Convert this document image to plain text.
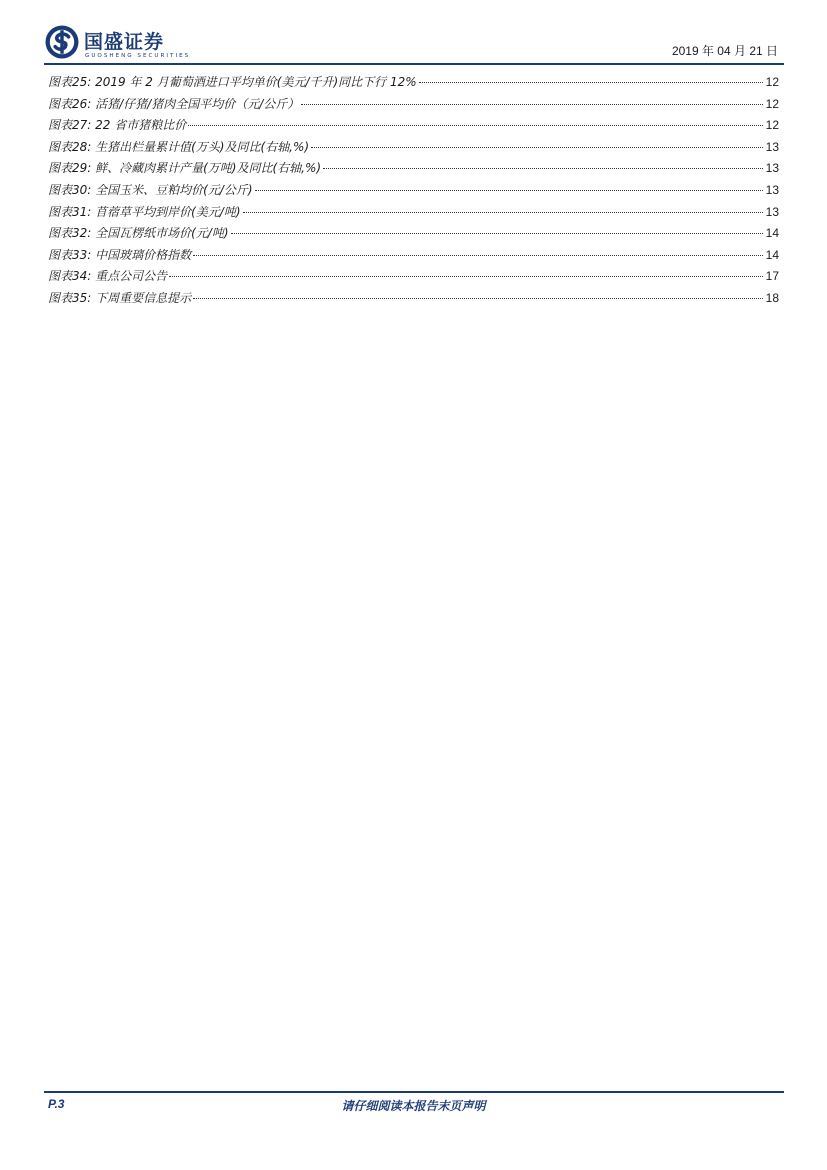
国盛证券
GUOSHENG SECURITIES	2019 年 04 月 21 日
图表25: 2019 年 2 月葡萄酒进口平均单价(美元/千升)同比下行 12%	12
图表26: 活猪/仔猪/猪肉全国平均价（元/公斤）	12
图表27: 22 省市猪粮比价	12
图表28: 生猪出栏量累计值(万头)及同比(右轴,%)	13
图表29: 鲜、冷藏肉累计产量(万吨)及同比(右轴,%)	13
图表30: 全国玉米、豆粕均价(元/公斤)	13
图表31: 苜蓿草平均到岸价(美元/吨)	13
图表32: 全国瓦楞纸市场价(元/吨)	14
图表33: 中国玻璃价格指数	14
图表34: 重点公司公告	17
图表35: 下周重要信息提示	18
P.3	请仔细阅读本报告末页声明
